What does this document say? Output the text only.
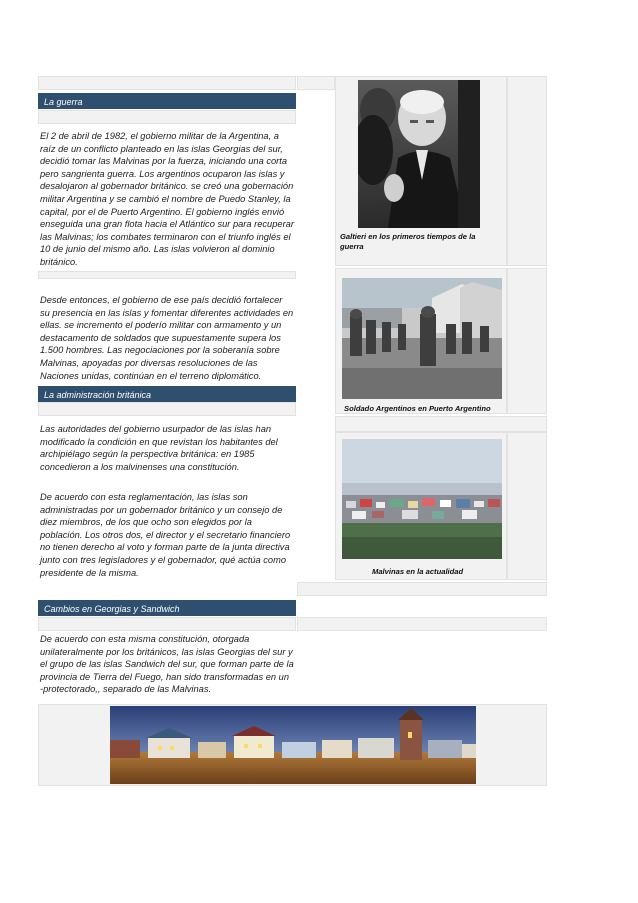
La guerra
El 2 de abril de 1982, el gobierno militar de la Argentina, a raíz de un conflicto planteado en las islas Georgias del sur, decidió tomar las Malvinas por la fuerza, iniciando una corta pero sangrienta guerra. Los argentinos ocuparon las islas y desalojaron al gobernador británico. se creó una gobernación militar Argentina y se cambió el nombre de Puedo Stanley, la capital, por el de Puerto Argentino. El gobierno inglés envió enseguida una gran flota hacia el Atlántico sur para recuperar las Malvinas; los combates terminaron con el triunfo inglés el 10 de junio del mismo año. Las islas volvieron al dominio británico.
Desde entonces, el gobierno de ese país decidió fortalecer su presencia en las islas y fomentar diferentes actividades en ellas. se incremento el poderío militar con armamento y un destacamento de soldados que supuestamente supera los 1.500 hombres. Las negociaciones por la soberanía sobre Malvinas, apoyadas por diversas resoluciones de las Naciones unidas, continúan en el terreno diplomático.
La administración británica
Las autoridades del gobierno usurpador de las islas han modificado la condición en que revistan los habitantes del archipiélago según la perspectiva británica: en 1985 concedieron a los malvinenses una constitución.
De acuerdo con esta reglamentación, las islas son administradas por un gobernador británico y un consejo de diez miembros, de los que ocho son elegidos por la población. Los otros dos, el director y el secretario financiero no tienen derecho al voto y forman parte de la junta directiva junto con tres legisladores y el gobernador, qué actúa como presidente de la misma.
Cambios en Georgias y Sandwich
De acuerdo con esta misma constitución, otorgada unilateralmente por los británicos, las islas Georgias del sur y el grupo de las islas Sandwich del sur, que forman parte de la provincia de Tierra del Fuego, han sido transformadas en un -protectorado,, separado de las Malvinas.
Galtieri en los primeros tiempos de la guerra
Soldado Argentinos en Puerto Argentino
Malvinas en la actualidad
